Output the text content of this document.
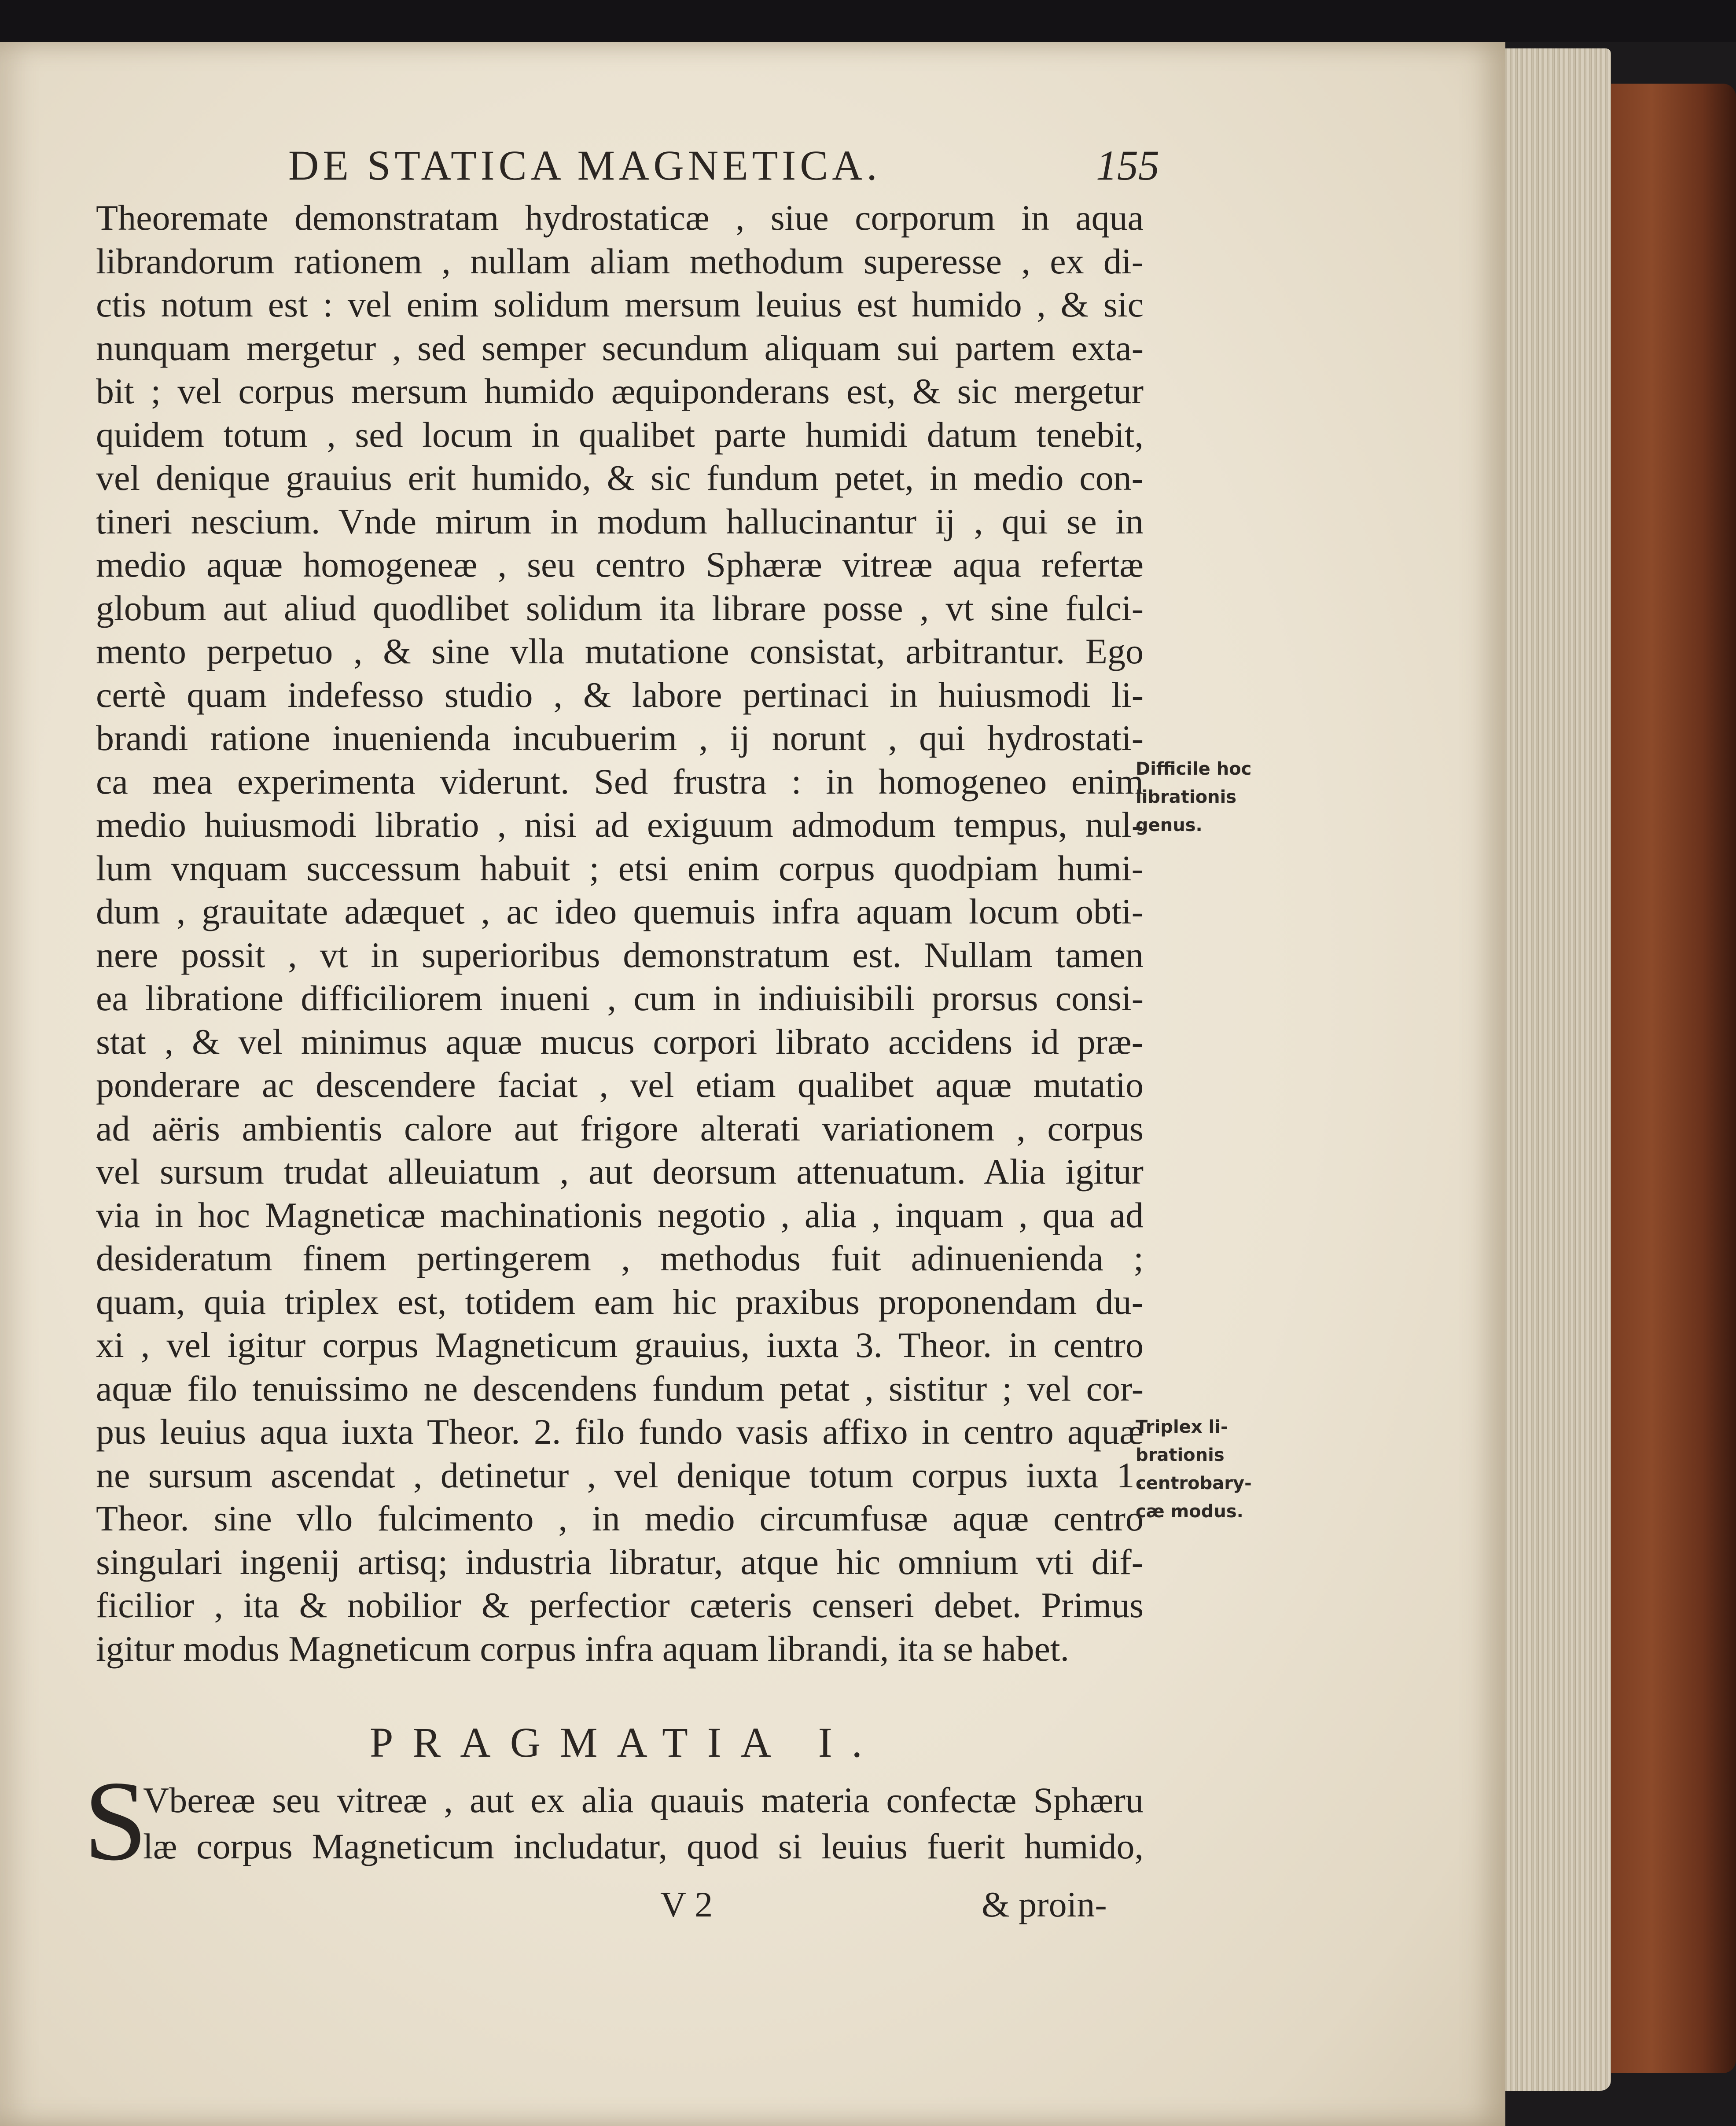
DE STATICA MAGNETICA.	155
Theoremate demonstratam hydrostaticæ , siue corporum in aqua
librandorum rationem , nullam aliam methodum superesse , ex di-
ctis notum est : vel enim solidum mersum leuius est humido , & sic
nunquam mergetur , sed semper secundum aliquam sui partem exta-
bit ; vel corpus mersum humido æquiponderans est, & sic mergetur
quidem totum , sed locum in qualibet parte humidi datum tenebit,
vel denique grauius erit humido, & sic fundum petet, in medio con-
tineri nescium. Vnde mirum in modum hallucinantur ij , qui se in
medio aquæ homogeneæ , seu centro Sphæræ vitreæ aqua refertæ
globum aut aliud quodlibet solidum ita librare posse , vt sine fulci-
mento perpetuo , & sine vlla mutatione consistat, arbitrantur. Ego
certè quam indefesso studio , & labore pertinaci in huiusmodi li-
brandi ratione inuenienda incubuerim , ij norunt , qui hydrostati-
ca mea experimenta viderunt. Sed frustra : in homogeneo enim
medio huiusmodi libratio , nisi ad exiguum admodum tempus, nul-
lum vnquam successum habuit ; etsi enim corpus quodpiam humi-
dum , grauitate adæquet , ac ideo quemuis infra aquam locum obti-
nere possit , vt in superioribus demonstratum est. Nullam tamen
ea libratione difficiliorem inueni , cum in indiuisibili prorsus consi-
stat , & vel minimus aquæ mucus corpori librato accidens id præ-
ponderare ac descendere faciat , vel etiam qualibet aquæ mutatio
ad aëris ambientis calore aut frigore alterati variationem , corpus
vel sursum trudat alleuiatum , aut deorsum attenuatum. Alia igitur
via in hoc Magneticæ machinationis negotio , alia , inquam , qua ad
desideratum finem pertingerem , methodus fuit adinuenienda ;
quam, quia triplex est, totidem eam hic praxibus proponendam du-
xi , vel igitur corpus Magneticum grauius, iuxta 3. Theor. in centro
aquæ filo tenuissimo ne descendens fundum petat , sistitur ; vel cor-
pus leuius aqua iuxta Theor. 2. filo fundo vasis affixo in centro aquæ
ne sursum ascendat , detinetur , vel denique totum corpus iuxta 1.
Theor. sine vllo fulcimento , in medio circumfusæ aquæ centro
singulari ingenij artisq; industria libratur, atque hic omnium vti dif-
ficilior , ita & nobilior & perfectior cæteris censeri debet. Primus
igitur modus Magneticum corpus infra aquam librandi, ita se habet.
Difficile hoc
librationis
genus.
Triplex li-
brationis
centrobary-
cæ modus.
PRAGMATIA I.
S
Vbereæ seu vitreæ , aut ex alia quauis materia confectæ Sphæru
læ corpus Magneticum includatur, quod si leuius fuerit humido,
V 2	& proin-
